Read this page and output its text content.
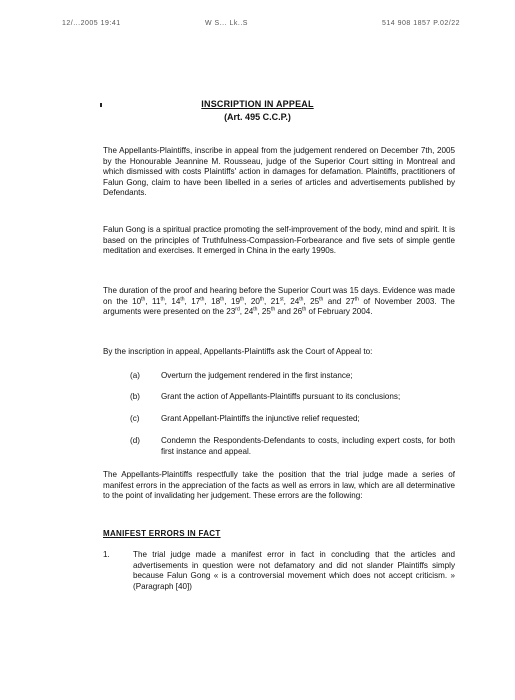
12/...2005 19:41	W S... Lk..S	514 908 1857 P.02/22
INSCRIPTION IN APPEAL
(Art. 495 C.C.P.)

The Appellants-Plaintiffs, inscribe in appeal from the judgement rendered on December 7th, 2005 by the Honourable Jeannine M. Rousseau, judge of the Superior Court sitting in Montreal and which dismissed with costs Plaintiffs' action in damages for defamation. Plaintiffs, practitioners of Falun Gong, claim to have been libelled in a series of articles and advertisements published by Defendants.

Falun Gong is a spiritual practice promoting the self-improvement of the body, mind and spirit. It is based on the principles of Truthfulness-Compassion-Forbearance and five sets of simple gentle meditation and exercises. It emerged in China in the early 1990s.

The duration of the proof and hearing before the Superior Court was 15 days. Evidence was made on the 10th, 11th, 14th, 17th, 18th, 19th, 20th, 21st, 24th, 25th and 27th of November 2003. The arguments were presented on the 23rd, 24th, 25th and 26th of February 2004.

By the inscription in appeal, Appellants-Plaintiffs ask the Court of Appeal to:

(a)	Overturn the judgement rendered in the first instance;
(b)	Grant the action of Appellants-Plaintiffs pursuant to its conclusions;
(c)	Grant Appellant-Plaintiffs the injunctive relief requested;
(d)	Condemn the Respondents-Defendants to costs, including expert costs, for both first instance and appeal.

The Appellants-Plaintiffs respectfully take the position that the trial judge made a series of manifest errors in the appreciation of the facts as well as errors in law, which are all determinative to the point of invalidating her judgement. These errors are the following:

MANIFEST ERRORS IN FACT
1.	The trial judge made a manifest error in fact in concluding that the articles and advertisements in question were not defamatory and did not slander Plaintiffs simply because Falun Gong « is a controversial movement which does not accept criticism. » (Paragraph [40])
